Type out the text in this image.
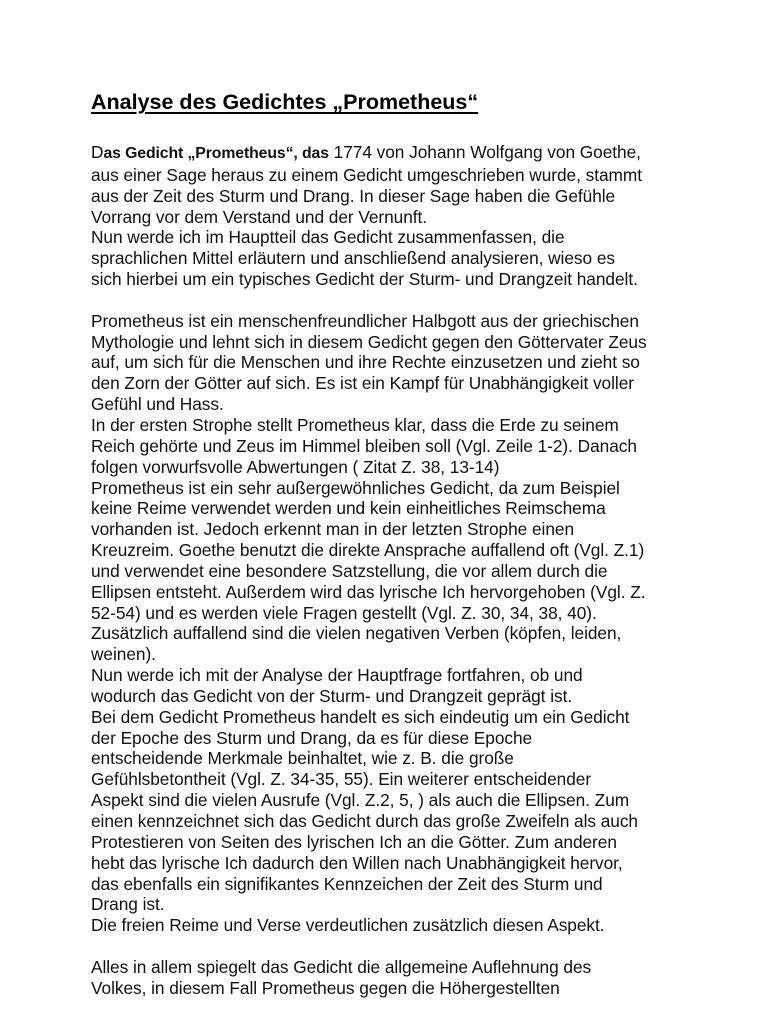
Analyse des Gedichtes „Prometheus“
Das Gedicht „Prometheus“, das 1774 von Johann Wolfgang von Goethe,
aus einer Sage heraus zu einem Gedicht umgeschrieben wurde, stammt
aus der Zeit des Sturm und Drang. In dieser Sage haben die Gefühle
Vorrang vor dem Verstand und der Vernunft.
Nun werde ich im Hauptteil das Gedicht zusammenfassen, die
sprachlichen Mittel erläutern und anschließend analysieren, wieso es
sich hierbei um ein typisches Gedicht der Sturm- und Drangzeit handelt.
Prometheus ist ein menschenfreundlicher Halbgott aus der griechischen
Mythologie und lehnt sich in diesem Gedicht gegen den Göttervater Zeus
auf, um sich für die Menschen und ihre Rechte einzusetzen und zieht so
den Zorn der Götter auf sich. Es ist ein Kampf für Unabhängigkeit voller
Gefühl und Hass.
In der ersten Strophe stellt Prometheus klar, dass die Erde zu seinem
Reich gehörte und Zeus im Himmel bleiben soll (Vgl. Zeile 1-2). Danach
folgen vorwurfsvolle Abwertungen ( Zitat Z. 38, 13-14)
Prometheus ist ein sehr außergewöhnliches Gedicht, da zum Beispiel
keine Reime verwendet werden und kein einheitliches Reimschema
vorhanden ist. Jedoch erkennt man in der letzten Strophe einen
Kreuzreim. Goethe benutzt die direkte Ansprache auffallend oft (Vgl. Z.1)
und verwendet eine besondere Satzstellung, die vor allem durch die
Ellipsen entsteht. Außerdem wird das lyrische Ich hervorgehoben (Vgl. Z.
52-54) und es werden viele Fragen gestellt (Vgl. Z. 30, 34, 38, 40).
Zusätzlich auffallend sind die vielen negativen Verben (köpfen, leiden,
weinen).
Nun werde ich mit der Analyse der Hauptfrage fortfahren, ob und
wodurch das Gedicht von der Sturm- und Drangzeit geprägt ist.
Bei dem Gedicht Prometheus handelt es sich eindeutig um ein Gedicht
der Epoche des Sturm und Drang, da es für diese Epoche
entscheidende Merkmale beinhaltet, wie z. B. die große
Gefühlsbetontheit (Vgl. Z. 34-35, 55). Ein weiterer entscheidender
Aspekt sind die vielen Ausrufe (Vgl. Z.2, 5, ) als auch die Ellipsen. Zum
einen kennzeichnet sich das Gedicht durch das große Zweifeln als auch
Protestieren von Seiten des lyrischen Ich an die Götter. Zum anderen
hebt das lyrische Ich dadurch den Willen nach Unabhängigkeit hervor,
das ebenfalls ein signifikantes Kennzeichen der Zeit des Sturm und
Drang ist.
Die freien Reime und Verse verdeutlichen zusätzlich diesen Aspekt.
Alles in allem spiegelt das Gedicht die allgemeine Auflehnung des
Volkes, in diesem Fall Prometheus gegen die Höhergestellten
